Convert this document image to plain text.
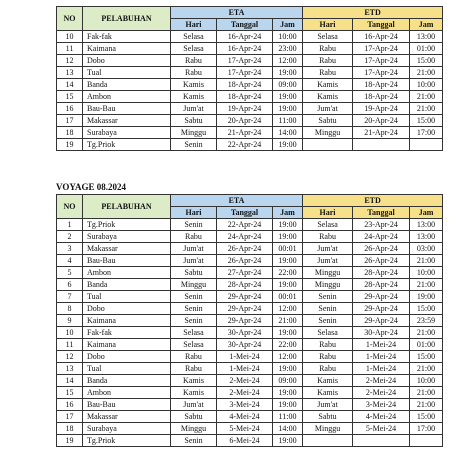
NO	PELABUHAN	ETA			ETD		
		Hari	Tanggal	Jam	Hari	Tanggal	Jam
10	Fak-fak	Selasa	16-Apr-24	10:00	Selasa	16-Apr-24	13:00
11	Kaimana	Selasa	16-Apr-24	23:00	Rabu	17-Apr-24	01:00
12	Dobo	Rabu	17-Apr-24	12:00	Rabu	17-Apr-24	15:00
13	Tual	Rabu	17-Apr-24	19:00	Rabu	17-Apr-24	21:00
14	Banda	Kamis	18-Apr-24	09:00	Kamis	18-Apr-24	10:00
15	Ambon	Kamis	18-Apr-24	19:00	Kamis	18-Apr-24	21:00
16	Bau-Bau	Jum'at	19-Apr-24	19:00	Jum'at	19-Apr-24	21:00
17	Makassar	Sabtu	20-Apr-24	11:00	Sabtu	20-Apr-24	15:00
18	Surabaya	Minggu	21-Apr-24	14:00	Minggu	21-Apr-24	17:00
19	Tg.Priok	Senin	22-Apr-24	19:00			
VOYAGE 08.2024
NO	PELABUHAN	ETA			ETD		
		Hari	Tanggal	Jam	Hari	Tanggal	Jam
1	Tg.Priok	Senin	22-Apr-24	19:00	Selasa	23-Apr-24	13:00
2	Surabaya	Rabu	24-Apr-24	19:00	Rabu	24-Apr-24	13:00
3	Makassar	Jum'at	26-Apr-24	00:01	Jum'at	26-Apr-24	03:00
4	Bau-Bau	Jum'at	26-Apr-24	19:00	Jum'at	26-Apr-24	21:00
5	Ambon	Sabtu	27-Apr-24	22:00	Minggu	28-Apr-24	10:00
6	Banda	Minggu	28-Apr-24	19:00	Minggu	28-Apr-24	21:00
7	Tual	Senin	29-Apr-24	00:01	Senin	29-Apr-24	19:00
8	Dobo	Senin	29-Apr-24	12:00	Senin	29-Apr-24	15:00
9	Kaimana	Senin	29-Apr-24	21:00	Senin	29-Apr-24	23:59
10	Fak-fak	Selasa	30-Apr-24	19:00	Selasa	30-Apr-24	21:00
11	Kaimana	Selasa	30-Apr-24	22:00	Rabu	1-Mei-24	01:00
12	Dobo	Rabu	1-Mei-24	12:00	Rabu	1-Mei-24	15:00
13	Tual	Rabu	1-Mei-24	19:00	Rabu	1-Mei-24	21:00
14	Banda	Kamis	2-Mei-24	09:00	Kamis	2-Mei-24	10:00
15	Ambon	Kamis	2-Mei-24	19:00	Kamis	2-Mei-24	21:00
16	Bau-Bau	Jum'at	3-Mei-24	19:00	Jum'at	3-Mei-24	21:00
17	Makassar	Sabtu	4-Mei-24	11:00	Sabtu	4-Mei-24	15:00
18	Surabaya	Minggu	5-Mei-24	14:00	Minggu	5-Mei-24	17:00
19	Tg.Priok	Senin	6-Mei-24	19:00			
